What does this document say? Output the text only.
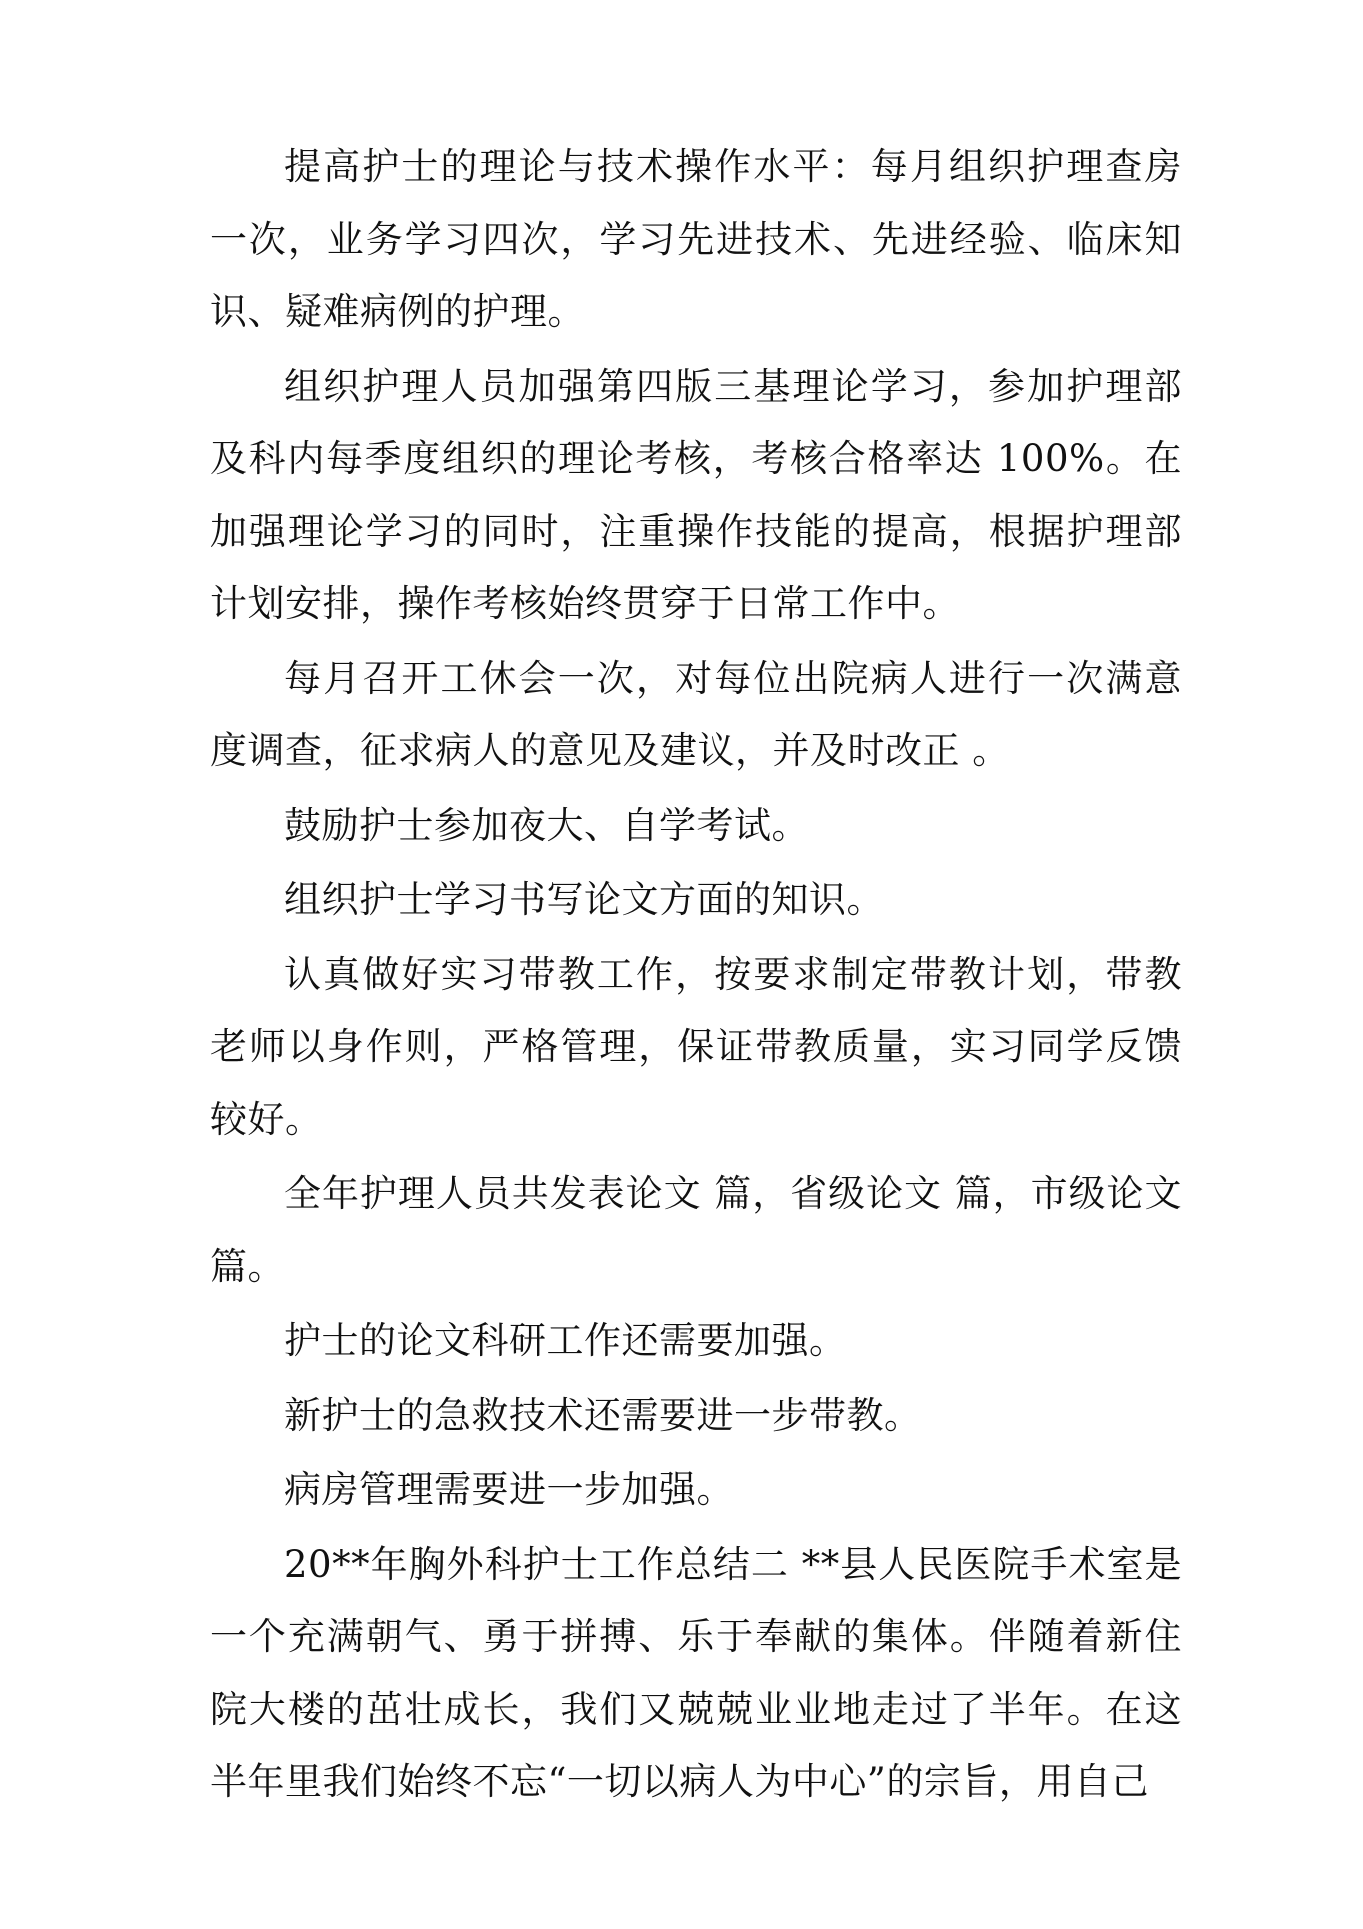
提高护士的理论与技术操作水平：每月组织护理查房一次，业务学习四次，学习先进技术、先进经验、临床知识、疑难病例的护理。

组织护理人员加强第四版三基理论学习，参加护理部及科内每季度组织的理论考核，考核合格率达 100%。在加强理论学习的同时，注重操作技能的提高，根据护理部计划安排，操作考核始终贯穿于日常工作中。

每月召开工休会一次，对每位出院病人进行一次满意度调查，征求病人的意见及建议，并及时改正 。

鼓励护士参加夜大、自学考试。

组织护士学习书写论文方面的知识。

认真做好实习带教工作，按要求制定带教计划，带教老师以身作则，严格管理，保证带教质量，实习同学反馈较好。

全年护理人员共发表论文 篇，省级论文 篇，市级论文篇。

护士的论文科研工作还需要加强。

新护士的急救技术还需要进一步带教。

病房管理需要进一步加强。

20**年胸外科护士工作总结二 **县人民医院手术室是一个充满朝气、勇于拼搏、乐于奉献的集体。伴随着新住院大楼的茁壮成长，我们又兢兢业业地走过了半年。在这半年里我们始终不忘“一切以病人为中心”的宗旨，用自己
